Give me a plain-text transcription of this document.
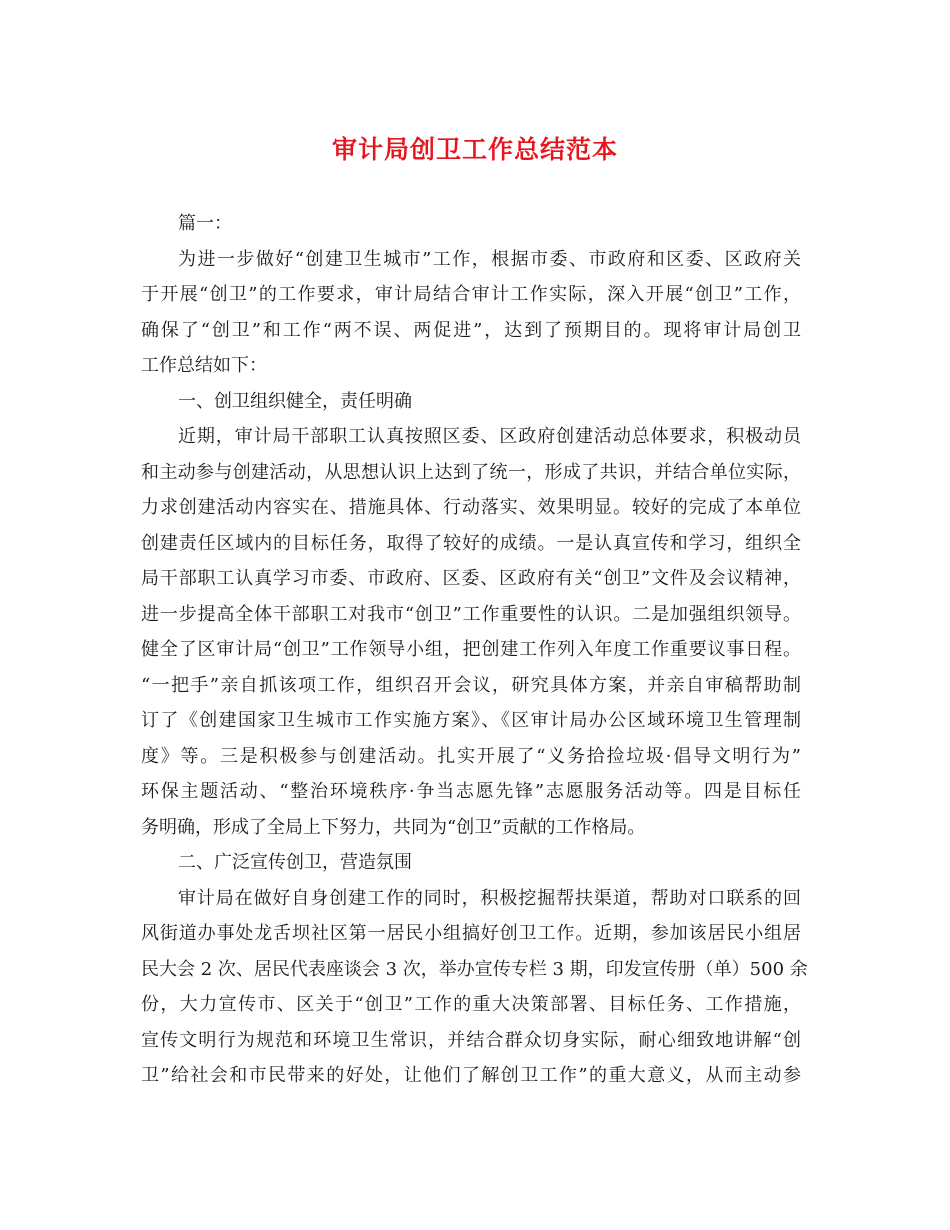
审计局创卫工作总结范本
篇一：
为进一步做好“创建卫生城市”工作，根据市委、市政府和区委、区政府关
于开展“创卫”的工作要求，审计局结合审计工作实际，深入开展“创卫”工作，
确保了“创卫”和工作“两不误、两促进”，达到了预期目的。现将审计局创卫
工作总结如下：
一、创卫组织健全，责任明确
近期，审计局干部职工认真按照区委、区政府创建活动总体要求，积极动员
和主动参与创建活动，从思想认识上达到了统一，形成了共识，并结合单位实际，
力求创建活动内容实在、措施具体、行动落实、效果明显。较好的完成了本单位
创建责任区域内的目标任务，取得了较好的成绩。一是认真宣传和学习，组织全
局干部职工认真学习市委、市政府、区委、区政府有关“创卫”文件及会议精神，
进一步提高全体干部职工对我市“创卫”工作重要性的认识。二是加强组织领导。
健全了区审计局“创卫”工作领导小组，把创建工作列入年度工作重要议事日程。
“一把手”亲自抓该项工作，组织召开会议，研究具体方案，并亲自审稿帮助制
订了《创建国家卫生城市工作实施方案》、《区审计局办公区域环境卫生管理制
度》等。三是积极参与创建活动。扎实开展了“义务拾捡垃圾·倡导文明行为”
环保主题活动、“整治环境秩序·争当志愿先锋”志愿服务活动等。四是目标任
务明确，形成了全局上下努力，共同为“创卫”贡献的工作格局。
二、广泛宣传创卫，营造氛围
审计局在做好自身创建工作的同时，积极挖掘帮扶渠道，帮助对口联系的回
风街道办事处龙舌坝社区第一居民小组搞好创卫工作。近期，参加该居民小组居
民大会 2 次、居民代表座谈会 3 次，举办宣传专栏 3 期，印发宣传册（单）500 余
份，大力宣传市、区关于“创卫”工作的重大决策部署、目标任务、工作措施，
宣传文明行为规范和环境卫生常识，并结合群众切身实际，耐心细致地讲解“创
卫”给社会和市民带来的好处，让他们了解创卫工作”的重大意义，从而主动参
